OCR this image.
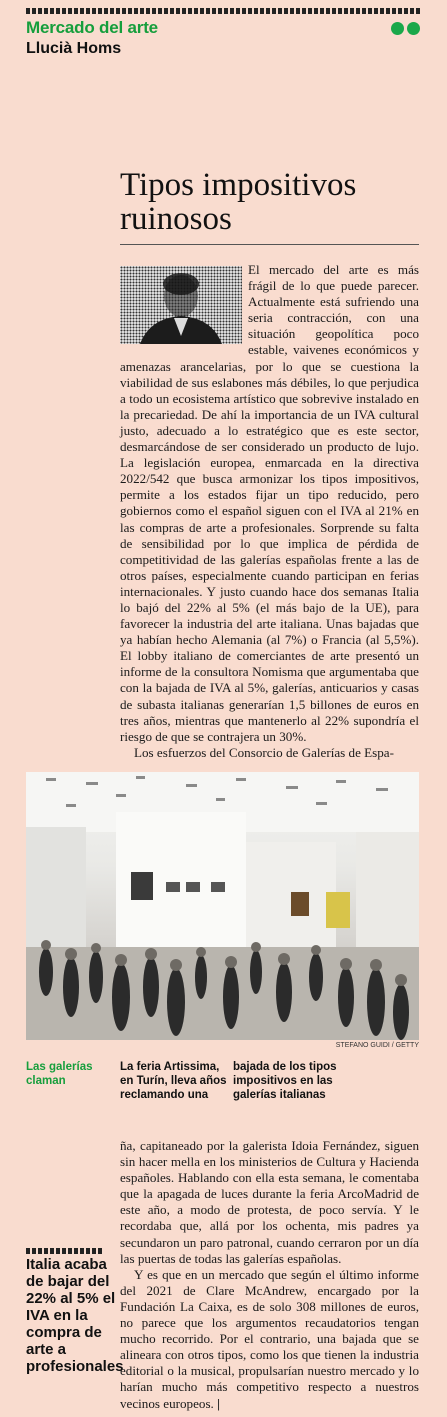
Mercado del arte
Llucià Homs
Tipos impositivos ruinosos

El mercado del arte es más frágil de lo que puede parecer. Actualmente está sufriendo una seria contracción, con una situación geopolítica poco estable, vaivenes económicos y amenazas arancelarias, por lo que se cuestiona la viabilidad de sus eslabones más débiles, lo que perjudica a todo un ecosistema artístico que sobrevive instalado en la precariedad. De ahí la importancia de un IVA cultural justo, adecuado a lo estratégico que es este sector, desmarcándose de ser considerado un producto de lujo. La legislación europea, enmarcada en la directiva 2022/542 que busca armonizar los tipos impositivos, permite a los estados fijar un tipo reducido, pero gobiernos como el español siguen con el IVA al 21% en las compras de arte a profesionales. Sorprende su falta de sensibilidad por lo que implica de pérdida de competitividad de las galerías españolas frente a las de otros países, especialmente cuando participan en ferias internacionales. Y justo cuando hace dos semanas Italia lo bajó del 22% al 5% (el más bajo de la UE), para favorecer la industria del arte italiana. Unas bajadas que ya habían hecho Alemania (al 7%) o Francia (al 5,5%). El lobby italiano de comerciantes de arte presentó un informe de la consultora Nomisma que argumentaba que con la bajada de IVA al 5%, galerías, anticuarios y casas de subasta italianas generarían 1,5 billones de euros en tres años, mientras que mantenerlo al 22% supondría el riesgo de que se contrajera un 30%.

Los esfuerzos del Consorcio de Galerías de Espa-

STEFANO GUIDI / GETTY
Las galerías claman
La feria Artissima, en Turín, lleva años reclamando una
bajada de los tipos impositivos en las galerías italianas

ña, capitaneado por la galerista Idoia Fernández, siguen sin hacer mella en los ministerios de Cultura y Hacienda españoles. Hablando con ella esta semana, le comentaba que la apagada de luces durante la feria ArcoMadrid de este año, a modo de protesta, de poco servía. Y le recordaba que, allá por los ochenta, mis padres ya secundaron un paro patronal, cuando cerraron por un día las puertas de todas las galerías españolas.

Y es que en un mercado que según el último informe del 2021 de Clare McAndrew, encargado por la Fundación La Caixa, es de solo 308 millones de euros, no parece que los argumentos recaudatorios tengan mucho recorrido. Por el contrario, una bajada que se alineara con otros tipos, como los que tienen la industria editorial o la musical, propulsarían nuestro mercado y lo harían mucho más competitivo respecto a nuestros vecinos europeos. |

Italia acaba de bajar del 22% al 5% el IVA en la compra de arte a profesionales
